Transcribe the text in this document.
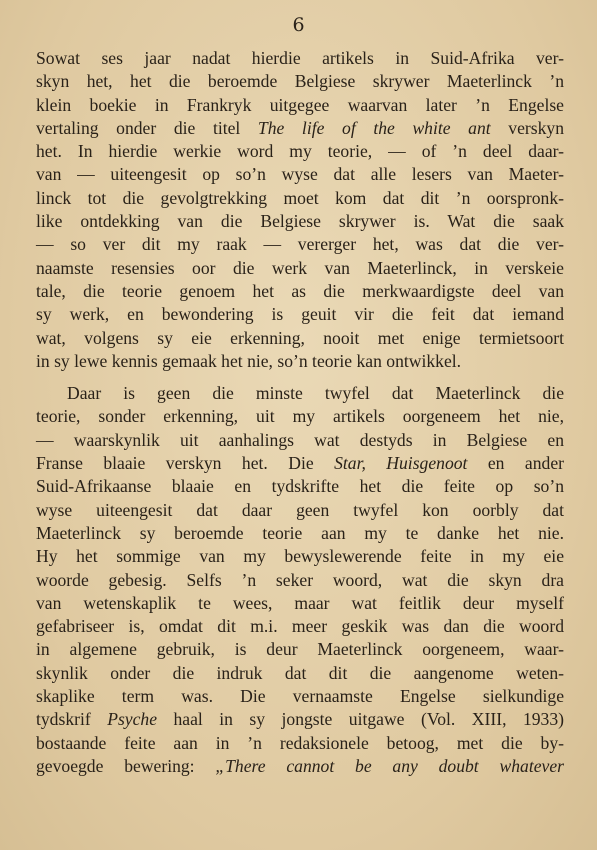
6
Sowat ses jaar nadat hierdie artikels in Suid-Afrika ver-
skyn het, het die beroemde Belgiese skrywer Maeterlinck ’n
klein boekie in Frankryk uitgegee waarvan later ’n Engelse
vertaling onder die titel The life of the white ant verskyn
het. In hierdie werkie word my teorie, — of ’n deel daar-
van — uiteengesit op so’n wyse dat alle lesers van Maeter-
linck tot die gevolgtrekking moet kom dat dit ’n oorspronk-
like ontdekking van die Belgiese skrywer is. Wat die saak
— so ver dit my raak — vererger het, was dat die ver-
naamste resensies oor die werk van Maeterlinck, in verskeie
tale, die teorie genoem het as die merkwaardigste deel van
sy werk, en bewondering is geuit vir die feit dat iemand
wat, volgens sy eie erkenning, nooit met enige termietsoort
in sy lewe kennis gemaak het nie, so’n teorie kan ontwikkel.
Daar is geen die minste twyfel dat Maeterlinck die
teorie, sonder erkenning, uit my artikels oorgeneem het nie,
— waarskynlik uit aanhalings wat destyds in Belgiese en
Franse blaaie verskyn het. Die Star, Huisgenoot en ander
Suid-Afrikaanse blaaie en tydskrifte het die feite op so’n
wyse uiteengesit dat daar geen twyfel kon oorbly dat
Maeterlinck sy beroemde teorie aan my te danke het nie.
Hy het sommige van my bewyslewerende feite in my eie
woorde gebesig. Selfs ’n seker woord, wat die skyn dra
van wetenskaplik te wees, maar wat feitlik deur myself
gefabriseer is, omdat dit m.i. meer geskik was dan die woord
in algemene gebruik, is deur Maeterlinck oorgeneem, waar-
skynlik onder die indruk dat dit die aangenome weten-
skaplike term was. Die vernaamste Engelse sielkundige
tydskrif Psyche haal in sy jongste uitgawe (Vol. XIII, 1933)
bostaande feite aan in ’n redaksionele betoog, met die by-
gevoegde bewering: „There cannot be any doubt whatever
